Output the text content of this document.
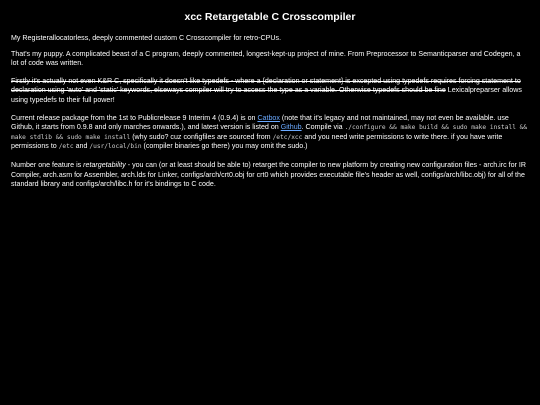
xcc Retargetable C Crosscompiler

My Registerallocatorless, deeply commented custom C Crosscompiler for retro-CPUs.

That's my puppy. A complicated beast of a C program, deeply commented, longest-kept-up project of mine. From Preprocessor to Semanticparser and Codegen, a lot of code was written.

Firstly it's actually not even K&R C, specifically it doesn't like typedefs - where a {declaration or statement} is excepted using typedefs requires forcing statement to declaration using 'auto' and 'static' keywords, elseways compiler will try to access the type as a variable. Otherwise typedefs should be fine Lexicalpreparser allows using typedefs to their full power!

Current release package from the 1st to Publicrelease 9 Interim 4 (0.9.4) is on Catbox (note that it's legacy and not maintained, may not even be available. use Github, it starts from 0.9.8 and only marches onwards.), and latest version is listed on Github. Compile via ./configure && make build && sudo make install && make stdlib && sudo make install (why sudo? cuz configfiles are sourced from /etc/xcc and you need write permissions to write there. if you have write permissions to /etc and /usr/local/bin (compiler binaries go there) you may omit the sudo.)

Number one feature is retargetability - you can (or at least should be able to) retarget the compiler to new platform by creating new configuration files - arch.irc for IR Compiler, arch.asm for Assembler, arch.lds for Linker, configs/arch/crt0.obj for crt0 which provides executable file's header as well, configs/arch/libc.obj) for all of the standard library and configs/arch/libc.h for it's bindings to C code.
